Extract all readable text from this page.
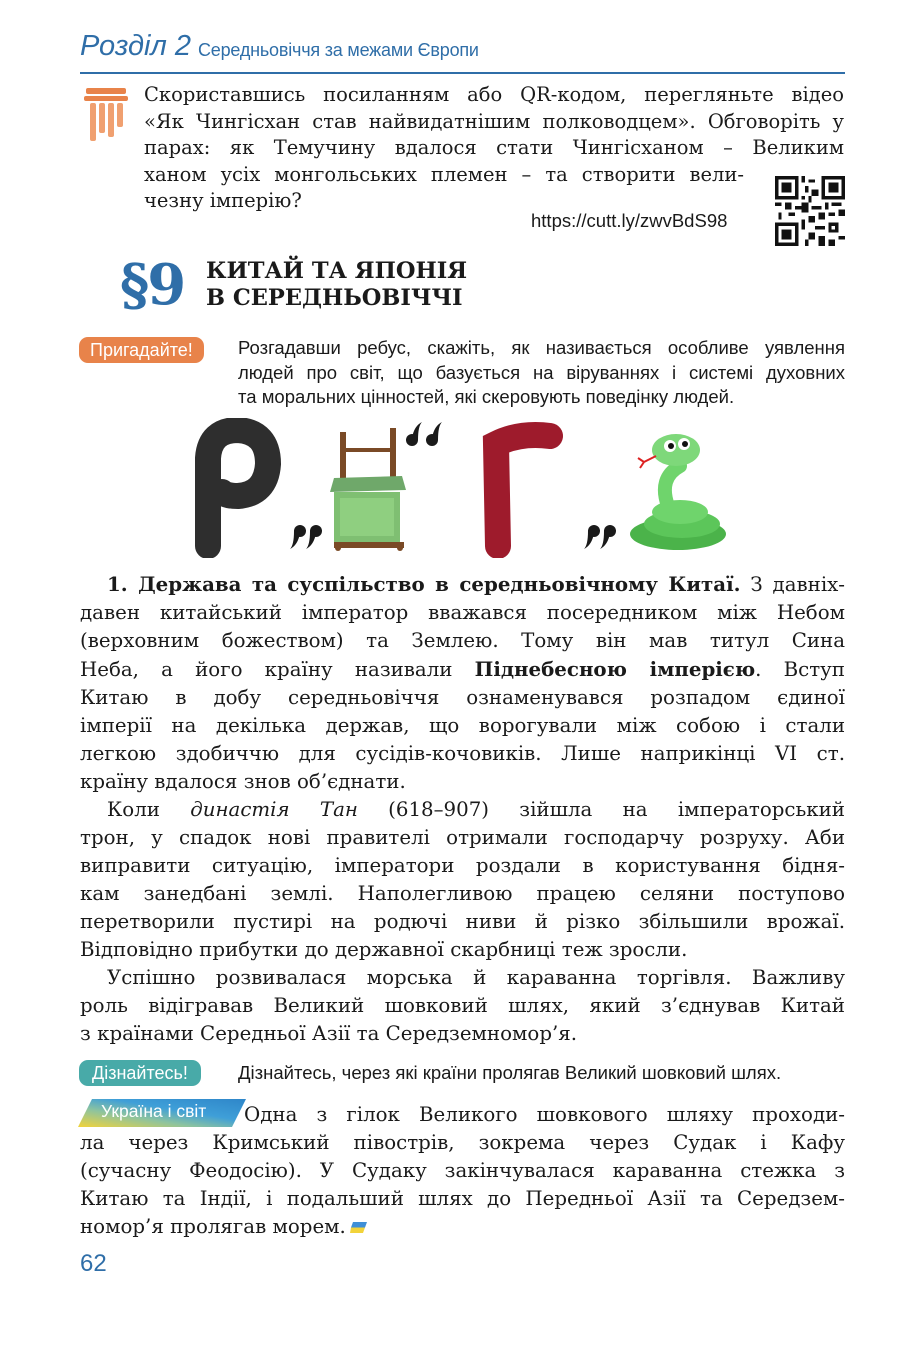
Розділ 2 Середньовіччя за межами Європи
Скориставшись посиланням або QR-кодом, перегляньте відео
«Як Чингісхан став найвидатнішим полководцем». Обговоріть у
парах: як Темучину вдалося стати Чингісханом – Великим
ханом усіх монгольських племен – та створити вели-
чезну імперію?
https://cutt.ly/zwvBdS98
§9 КИТАЙ ТА ЯПОНІЯ
В СЕРЕДНЬОВІЧЧІ
Пригадайте!	Розгадавши ребус, скажіть, як називається особливе уявлення
людей про світ, що базується на віруваннях і системі духовних
та моральних цінностей, які скеровують поведінку людей.
1. Держава та суспільство в середньовічному Китаї. З давніх-
давен китайський імператор вважався посередником між Небом
(верховним божеством) та Землею. Тому він мав титул Сина
Неба, а його країну називали Піднебесною імперією. Вступ
Китаю в добу середньовіччя ознаменувався розпадом єдиної
імперії на декілька держав, що ворогували між собою і стали
легкою здобиччю для сусідів-кочовиків. Лише наприкінці VI ст.
країну вдалося знов об’єднати.
Коли династія Тан (618–907) зійшла на імператорський
трон, у спадок нові правителі отримали господарчу розруху. Аби
виправити ситуацію, імператори роздали в користування бідня-
кам занедбані землі. Наполегливою працею селяни поступово
перетворили пустирі на родючі ниви й різко збільшили врожаї.
Відповідно прибутки до державної скарбниці теж зросли.
Успішно розвивалася морська й караванна торгівля. Важливу
роль відігравав Великий шовковий шлях, який з’єднував Китай
з країнами Середньої Азії та Середземномор’я.
Дізнайтесь!	Дізнайтесь, через які країни пролягав Великий шовковий шлях.
Україна і світ	Одна з гілок Великого шовкового шляху проходи-
ла через Кримський півострів, зокрема через Судак і Кафу
(сучасну Феодосію). У Судаку закінчувалася караванна стежка з
Китаю та Індії, і подальший шлях до Передньої Азії та Середзем-
номор’я пролягав морем.
62
